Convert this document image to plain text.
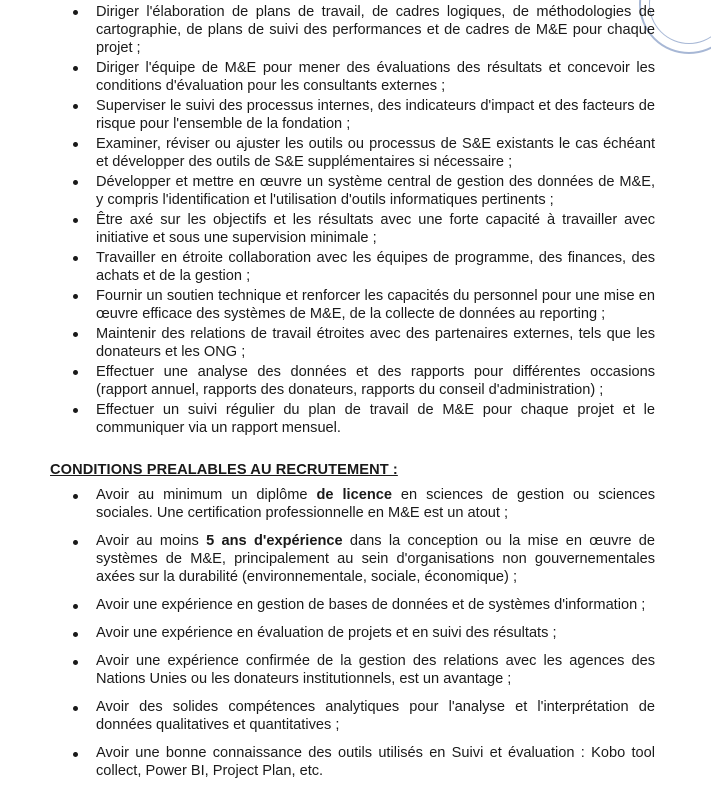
Diriger l'élaboration de plans de travail, de cadres logiques, de méthodologies de cartographie, de plans de suivi des performances et de cadres de M&E pour chaque projet ;
Diriger l'équipe de M&E pour mener des évaluations des résultats et concevoir les conditions d'évaluation pour les consultants externes ;
Superviser le suivi des processus internes, des indicateurs d'impact et des facteurs de risque pour l'ensemble de la fondation ;
Examiner, réviser ou ajuster les outils ou processus de S&E existants le cas échéant et développer des outils de S&E supplémentaires si nécessaire ;
Développer et mettre en œuvre un système central de gestion des données de M&E, y compris l'identification et l'utilisation d'outils informatiques pertinents ;
Être axé sur les objectifs et les résultats avec une forte capacité à travailler avec initiative et sous une supervision minimale ;
Travailler en étroite collaboration avec les équipes de programme, des finances, des achats et de la gestion ;
Fournir un soutien technique et renforcer les capacités du personnel pour une mise en œuvre efficace des systèmes de M&E, de la collecte de données au reporting ;
Maintenir des relations de travail étroites avec des partenaires externes, tels que les donateurs et les ONG ;
Effectuer une analyse des données et des rapports pour différentes occasions (rapport annuel, rapports des donateurs, rapports du conseil d'administration) ;
Effectuer un suivi régulier du plan de travail de M&E pour chaque projet et le communiquer via un rapport mensuel.
CONDITIONS PREALABLES AU RECRUTEMENT :
Avoir au minimum un diplôme de licence en sciences de gestion ou sciences sociales. Une certification professionnelle en M&E est un atout ;
Avoir au moins 5 ans d'expérience dans la conception ou la mise en œuvre de systèmes de M&E, principalement au sein d'organisations non gouvernementales axées sur la durabilité (environnementale, sociale, économique) ;
Avoir une expérience en gestion de bases de données et de systèmes d'information ;
Avoir une expérience en évaluation de projets et en suivi des résultats ;
Avoir une expérience confirmée de la gestion des relations avec les agences des Nations Unies ou les donateurs institutionnels, est un avantage ;
Avoir des solides compétences analytiques pour l'analyse et l'interprétation de données qualitatives et quantitatives ;
Avoir une bonne connaissance des outils utilisés en Suivi et évaluation : Kobo tool collect, Power BI, Project Plan, etc.
